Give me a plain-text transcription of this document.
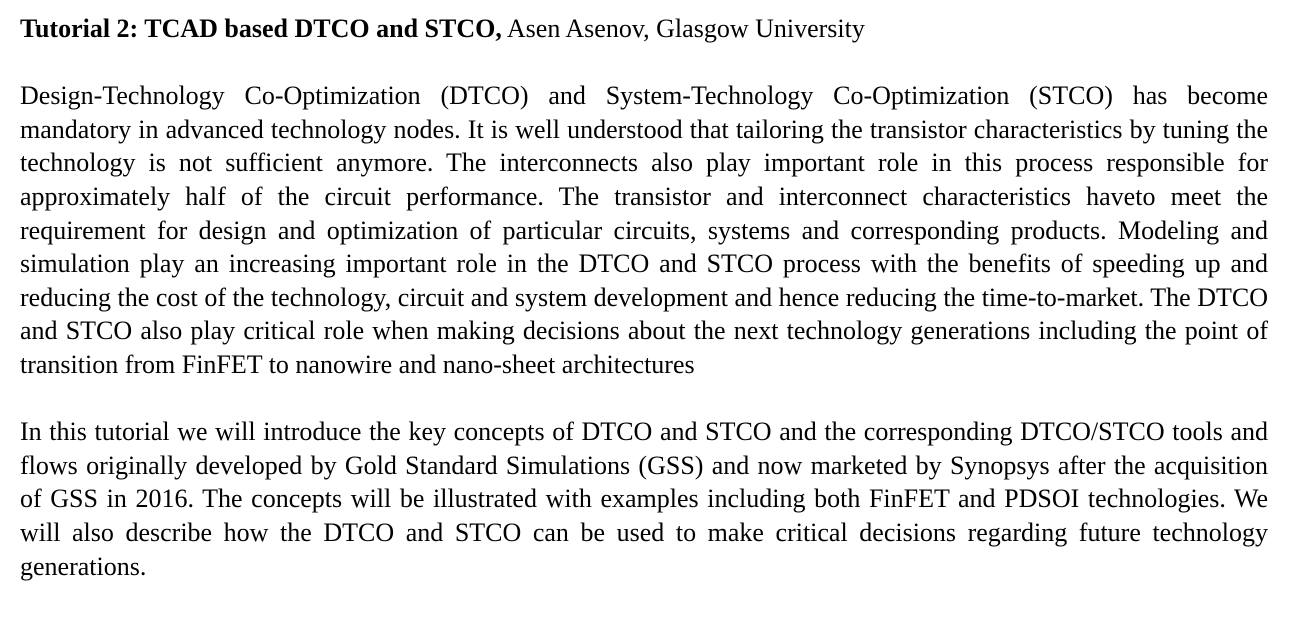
Tutorial 2: TCAD based DTCO and STCO, Asen Asenov, Glasgow University

Design-Technology Co-Optimization (DTCO) and System-Technology Co-Optimization (STCO) has become mandatory in advanced technology nodes. It is well understood that tailoring the transistor characteristics by tuning the technology is not sufficient anymore. The interconnects also play important role in this process responsible for approximately half of the circuit performance. The transistor and interconnect characteristics haveto meet the requirement for design and optimization of particular circuits, systems and corresponding products. Modeling and simulation play an increasing important role in the DTCO and STCO process with the benefits of speeding up and reducing the cost of the technology, circuit and system development and hence reducing the time-to-market. The DTCO and STCO also play critical role when making decisions about the next technology generations including the point of transition from FinFET to nanowire and nano-sheet architectures

In this tutorial we will introduce the key concepts of DTCO and STCO and the corresponding DTCO/STCO tools and flows originally developed by Gold Standard Simulations (GSS) and now marketed by Synopsys after the acquisition of GSS in 2016. The concepts will be illustrated with examples including both FinFET and PDSOI technologies. We will also describe how the DTCO and STCO can be used to make critical decisions regarding future technology generations.
